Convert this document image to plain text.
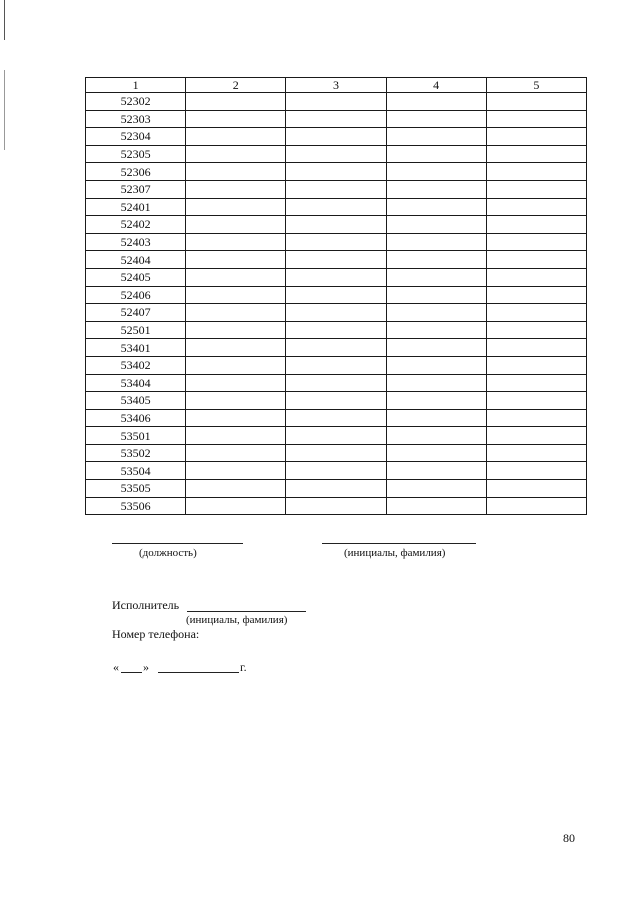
1	2	3	4	5
52302				
52303				
52304				
52305				
52306				
52307				
52401				
52402				
52403				
52404				
52405				
52406				
52407				
52501				
53401				
53402				
53404				
53405				
53406				
53501				
53502				
53504				
53505				
53506				
(должность)	(инициалы, фамилия)
Исполнитель
(инициалы, фамилия)
Номер телефона:
« »	г.
80
